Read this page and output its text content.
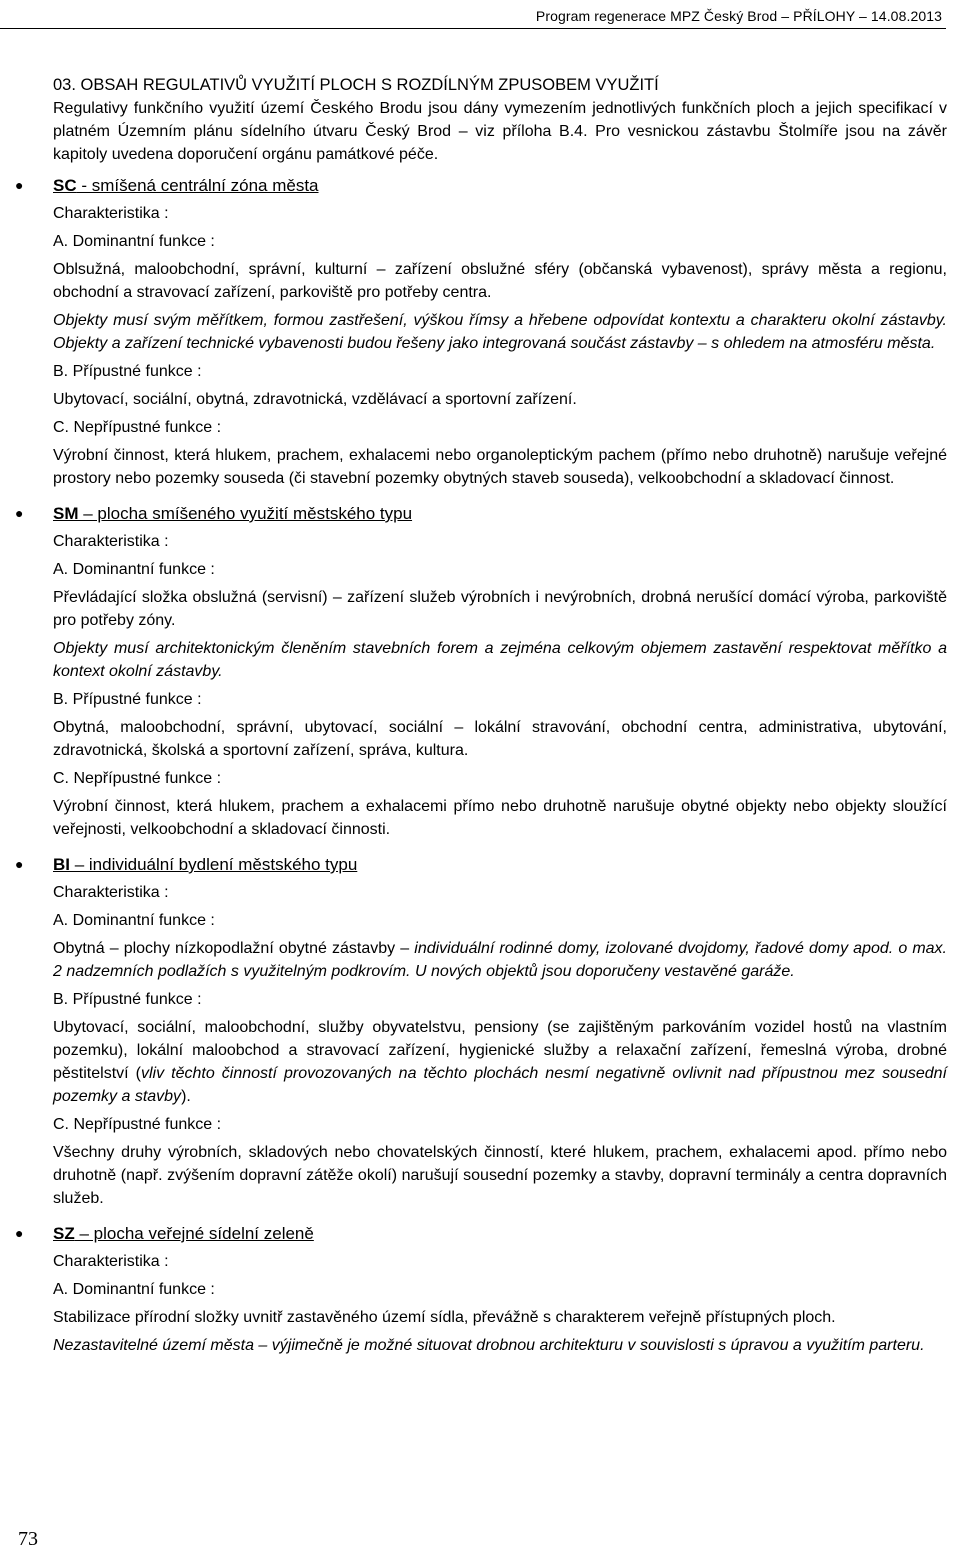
Program regenerace MPZ Český Brod – PŘÍLOHY – 14.08.2013

03. OBSAH REGULATIVŮ VYUŽITÍ PLOCH S ROZDÍLNÝM ZPUSOBEM VYUŽITÍ

Regulativy funkčního využití území Českého Brodu jsou dány vymezením jednotlivých funkčních ploch a jejich specifikací v platném Územním plánu sídelního útvaru Český Brod – viz příloha B.4. Pro vesnickou zástavbu Štolmíře jsou na závěr kapitoly uvedena doporučení orgánu památkové péče.

● SC - smíšená centrální zóna města

Charakteristika :

A. Dominantní funkce :

Oblsužná, maloobchodní, správní, kulturní – zařízení obslužné sféry (občanská vybavenost), správy města a regionu, obchodní a stravovací zařízení, parkoviště pro potřeby centra.

Objekty musí svým měřítkem, formou zastřešení, výškou římsy a hřebene odpovídat kontextu a charakteru okolní zástavby. Objekty a zařízení technické vybavenosti budou řešeny jako integrovaná součást zástavby – s ohledem na atmosféru města.

B. Přípustné funkce :

Ubytovací, sociální, obytná, zdravotnická, vzdělávací a sportovní zařízení.

C. Nepřípustné funkce :

Výrobní činnost, která hlukem, prachem, exhalacemi nebo organoleptickým pachem (přímo nebo druhotně) narušuje veřejné prostory nebo pozemky souseda (či stavební pozemky obytných staveb souseda), velkoobchodní a skladovací činnost.

● SM – plocha smíšeného využití městského typu

Charakteristika :

A. Dominantní funkce :

Převládající složka obslužná (servisní) – zařízení služeb výrobních i nevýrobních, drobná nerušící domácí výroba, parkoviště pro potřeby zóny.

Objekty musí architektonickým členěním stavebních forem a zejména celkovým objemem zastavění respektovat měřítko a kontext okolní zástavby.

B. Přípustné funkce :

Obytná, maloobchodní, správní, ubytovací, sociální – lokální stravování, obchodní centra, administrativa, ubytování, zdravotnická, školská a sportovní zařízení, správa, kultura.

C. Nepřípustné funkce :

Výrobní činnost, která hlukem, prachem a exhalacemi přímo nebo druhotně narušuje obytné objekty nebo objekty sloužící veřejnosti, velkoobchodní a skladovací činnosti.

● BI – individuální bydlení městského typu

Charakteristika :

A. Dominantní funkce :

Obytná – plochy nízkopodlažní obytné zástavby – individuální rodinné domy, izolované dvojdomy, řadové domy apod. o max. 2 nadzemních podlažích s využitelným podkrovím. U nových objektů jsou doporučeny vestavěné garáže.

B. Přípustné funkce :

Ubytovací, sociální, maloobchodní, služby obyvatelstvu, pensiony (se zajištěným parkováním vozidel hostů na vlastním pozemku), lokální maloobchod a stravovací zařízení, hygienické služby a relaxační zařízení, řemeslná výroba, drobné pěstitelství (vliv těchto činností provozovaných na těchto plochách nesmí negativně ovlivnit nad přípustnou mez sousední pozemky a stavby).

C. Nepřípustné funkce :

Všechny druhy výrobních, skladových nebo chovatelských činností, které hlukem, prachem, exhalacemi apod. přímo nebo druhotně (např. zvýšením dopravní zátěže okolí) narušují sousední pozemky a stavby, dopravní terminály a centra dopravních služeb.

● SZ – plocha veřejné sídelní zeleně

Charakteristika :

A. Dominantní funkce :

Stabilizace přírodní složky uvnitř zastavěného území sídla, převážně s charakterem veřejně přístupných ploch.

Nezastavitelné území města – výjimečně je možné situovat drobnou architekturu v souvislosti s úpravou a využitím parteru.

73
